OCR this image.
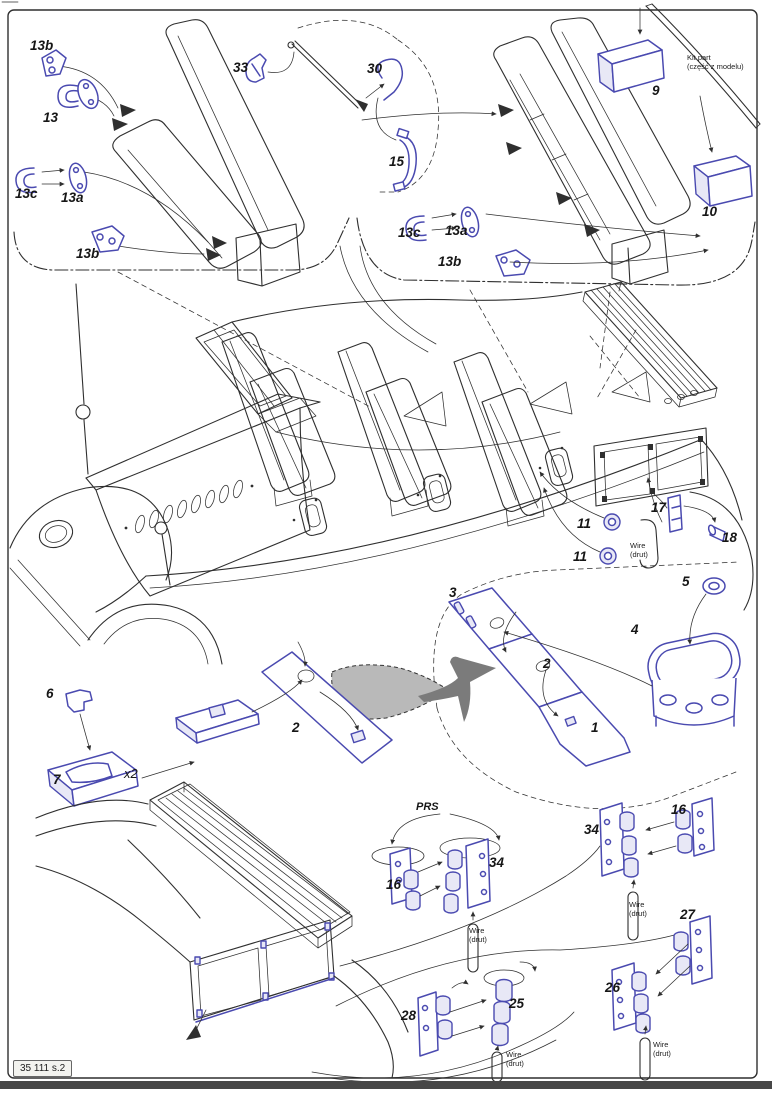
13b
13
13c 13a
13b
33	30
15
9
10
13c 13a
13b
11
11
17
18
5
4
3
2
1
6
7
2
16
34
34
16
27
26
25
28
Kit part
(część z modelu)
Wire
(drut)
Wire
(drut)
Wire
(drut)
Wire
(drut)
Wire
(drut)
PRS
x2
35 111 s.2
